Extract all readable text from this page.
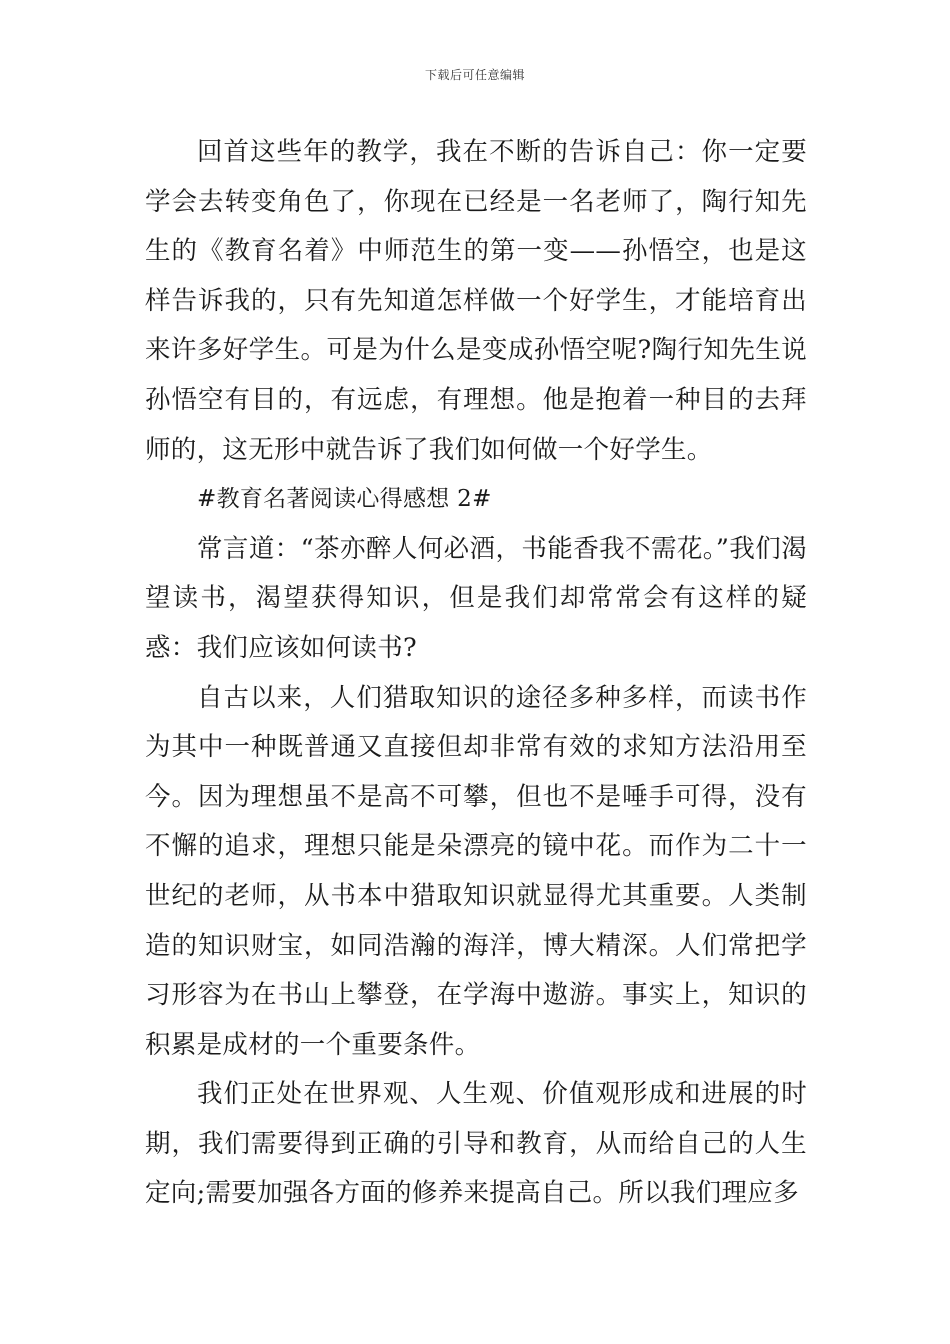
下载后可任意编辑

回首这些年的教学，我在不断的告诉自己：你一定要学会去转变角色了，你现在已经是一名老师了，陶行知先生的《教育名着》中师范生的第一变——孙悟空，也是这样告诉我的，只有先知道怎样做一个好学生，才能培育出来许多好学生。可是为什么是变成孙悟空呢?陶行知先生说孙悟空有目的，有远虑，有理想。他是抱着一种目的去拜师的，这无形中就告诉了我们如何做一个好学生。

#教育名著阅读心得感想 2#

常言道：“茶亦醉人何必酒，书能香我不需花。”我们渴望读书，渴望获得知识，但是我们却常常会有这样的疑惑：我们应该如何读书?

自古以来，人们猎取知识的途径多种多样，而读书作为其中一种既普通又直接但却非常有效的求知方法沿用至今。因为理想虽不是高不可攀，但也不是唾手可得，没有不懈的追求，理想只能是朵漂亮的镜中花。而作为二十一世纪的老师，从书本中猎取知识就显得尤其重要。人类制造的知识财宝，如同浩瀚的海洋，博大精深。人们常把学习形容为在书山上攀登，在学海中遨游。事实上，知识的积累是成材的一个重要条件。

我们正处在世界观、人生观、价值观形成和进展的时期，我们需要得到正确的引导和教育，从而给自己的人生定向;需要加强各方面的修养来提高自己。所以我们理应多
